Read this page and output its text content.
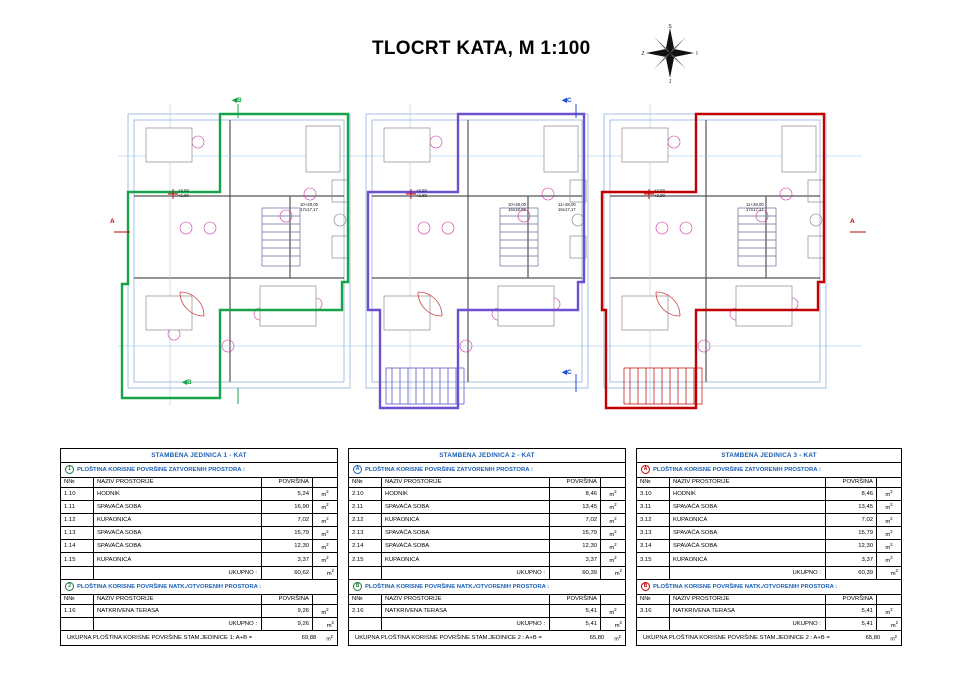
TLOCRT KATA, M 1:100
S
I
J
Z
+2,92
+2,80
+2,92
+2,80
+2,92
+2,80
10+28,00
17x17,17
10+28,00
16x18,99
11+28,00
16x17,17
11+28,00
17x17,17
◀B
◀B
◀C
◀C
A	A
STAMBENA JEDINICA 1 - KAT
1	PLOŠTINA KORISNE POVRŠINE ZATVORENIH PROSTORA :
N№	NAZIV PROSTORIJE	POVRŠINA	
1.10	HODNIK	5,24	$m^2$
1.11	SPAVAĆA SOBA	16,90	$m^2$
1.12	KUPAONICA	7,02	$m^2$
1.13	SPAVAĆA SOBA	15,79	$m^2$
1.14	SPAVAĆA SOBA	12,30	$m^2$
1.15	KUPAONICA	3,37	$m^2$
	UKUPNO :	60,62	$m^2$
2	PLOŠTINA KORISNE POVRŠINE NATK./OTVORENIH PROSTORA :
N№	NAZIV PROSTORIJE	POVRŠINA	
1.16	NATKRIVENA TERASA	9,26	$m^2$
	UKUPNO :	9,26	$m^2$
UKUPNA PLOŠTINA KORISNE POVRŠINE STAM.JEDINICE 1: A+B =	69,88 $m^2$
STAMBENA JEDINICA 2 - KAT
A PLOŠTINA KORISNE POVRŠINE ZATVORENIH PROSTORA :
N№	NAZIV PROSTORIJE	POVRŠINA	
2.10	HODNIK	8,46	$m^2$
2.11	SPAVAĆA SOBA	13,45	$m^2$
2.12	KUPAONICA	7,02	$m^2$
2.13	SPAVAĆA SOBA	15,79	$m^2$
2.14	SPAVAĆA SOBA	12,30	$m^2$
2.15	KUPAONICA	3,37	$m^2$
	UKUPNO :	60,39	$m^2$
B PLOŠTINA KORISNE POVRŠINE NATK./OTVORENIH PROSTORA :
N№	NAZIV PROSTORIJE	POVRŠINA	
2.16	NATKRIVENA TERASA	5,41	$m^2$
	UKUPNO :	5,41	$m^2$
UKUPNA PLOŠTINA KORISNE POVRŠINE STAM.JEDINICE 2 : A+B =	65,80 $m^2$
STAMBENA JEDINICA 3 - KAT
A PLOŠTINA KORISNE POVRŠINE ZATVORENIH PROSTORA :
N№	NAZIV PROSTORIJE	POVRŠINA	
3.10	HODNIK	8,46	$m^2$
3.11	SPAVAĆA SOBA	13,45	$m^2$
3.12	KUPAONICA	7,02	$m^2$
3.13	SPAVAĆA SOBA	15,79	$m^2$
3.14	SPAVAĆA SOBA	12,30	$m^2$
3.15	KUPAONICA	3,37	$m^2$
	UKUPNO :	60,39	$m^2$
B PLOŠTINA KORISNE POVRŠINE NATK./OTVORENIH PROSTORA :
N№	NAZIV PROSTORIJE	POVRŠINA	
3.16	NATKRIVENA TERASA	5,41	$m^2$
	UKUPNO :	5,41	$m^2$
UKUPNA PLOŠTINA KORISNE POVRŠINE STAM.JEDINICE 2 : A+B =	65,80 $m^2$
